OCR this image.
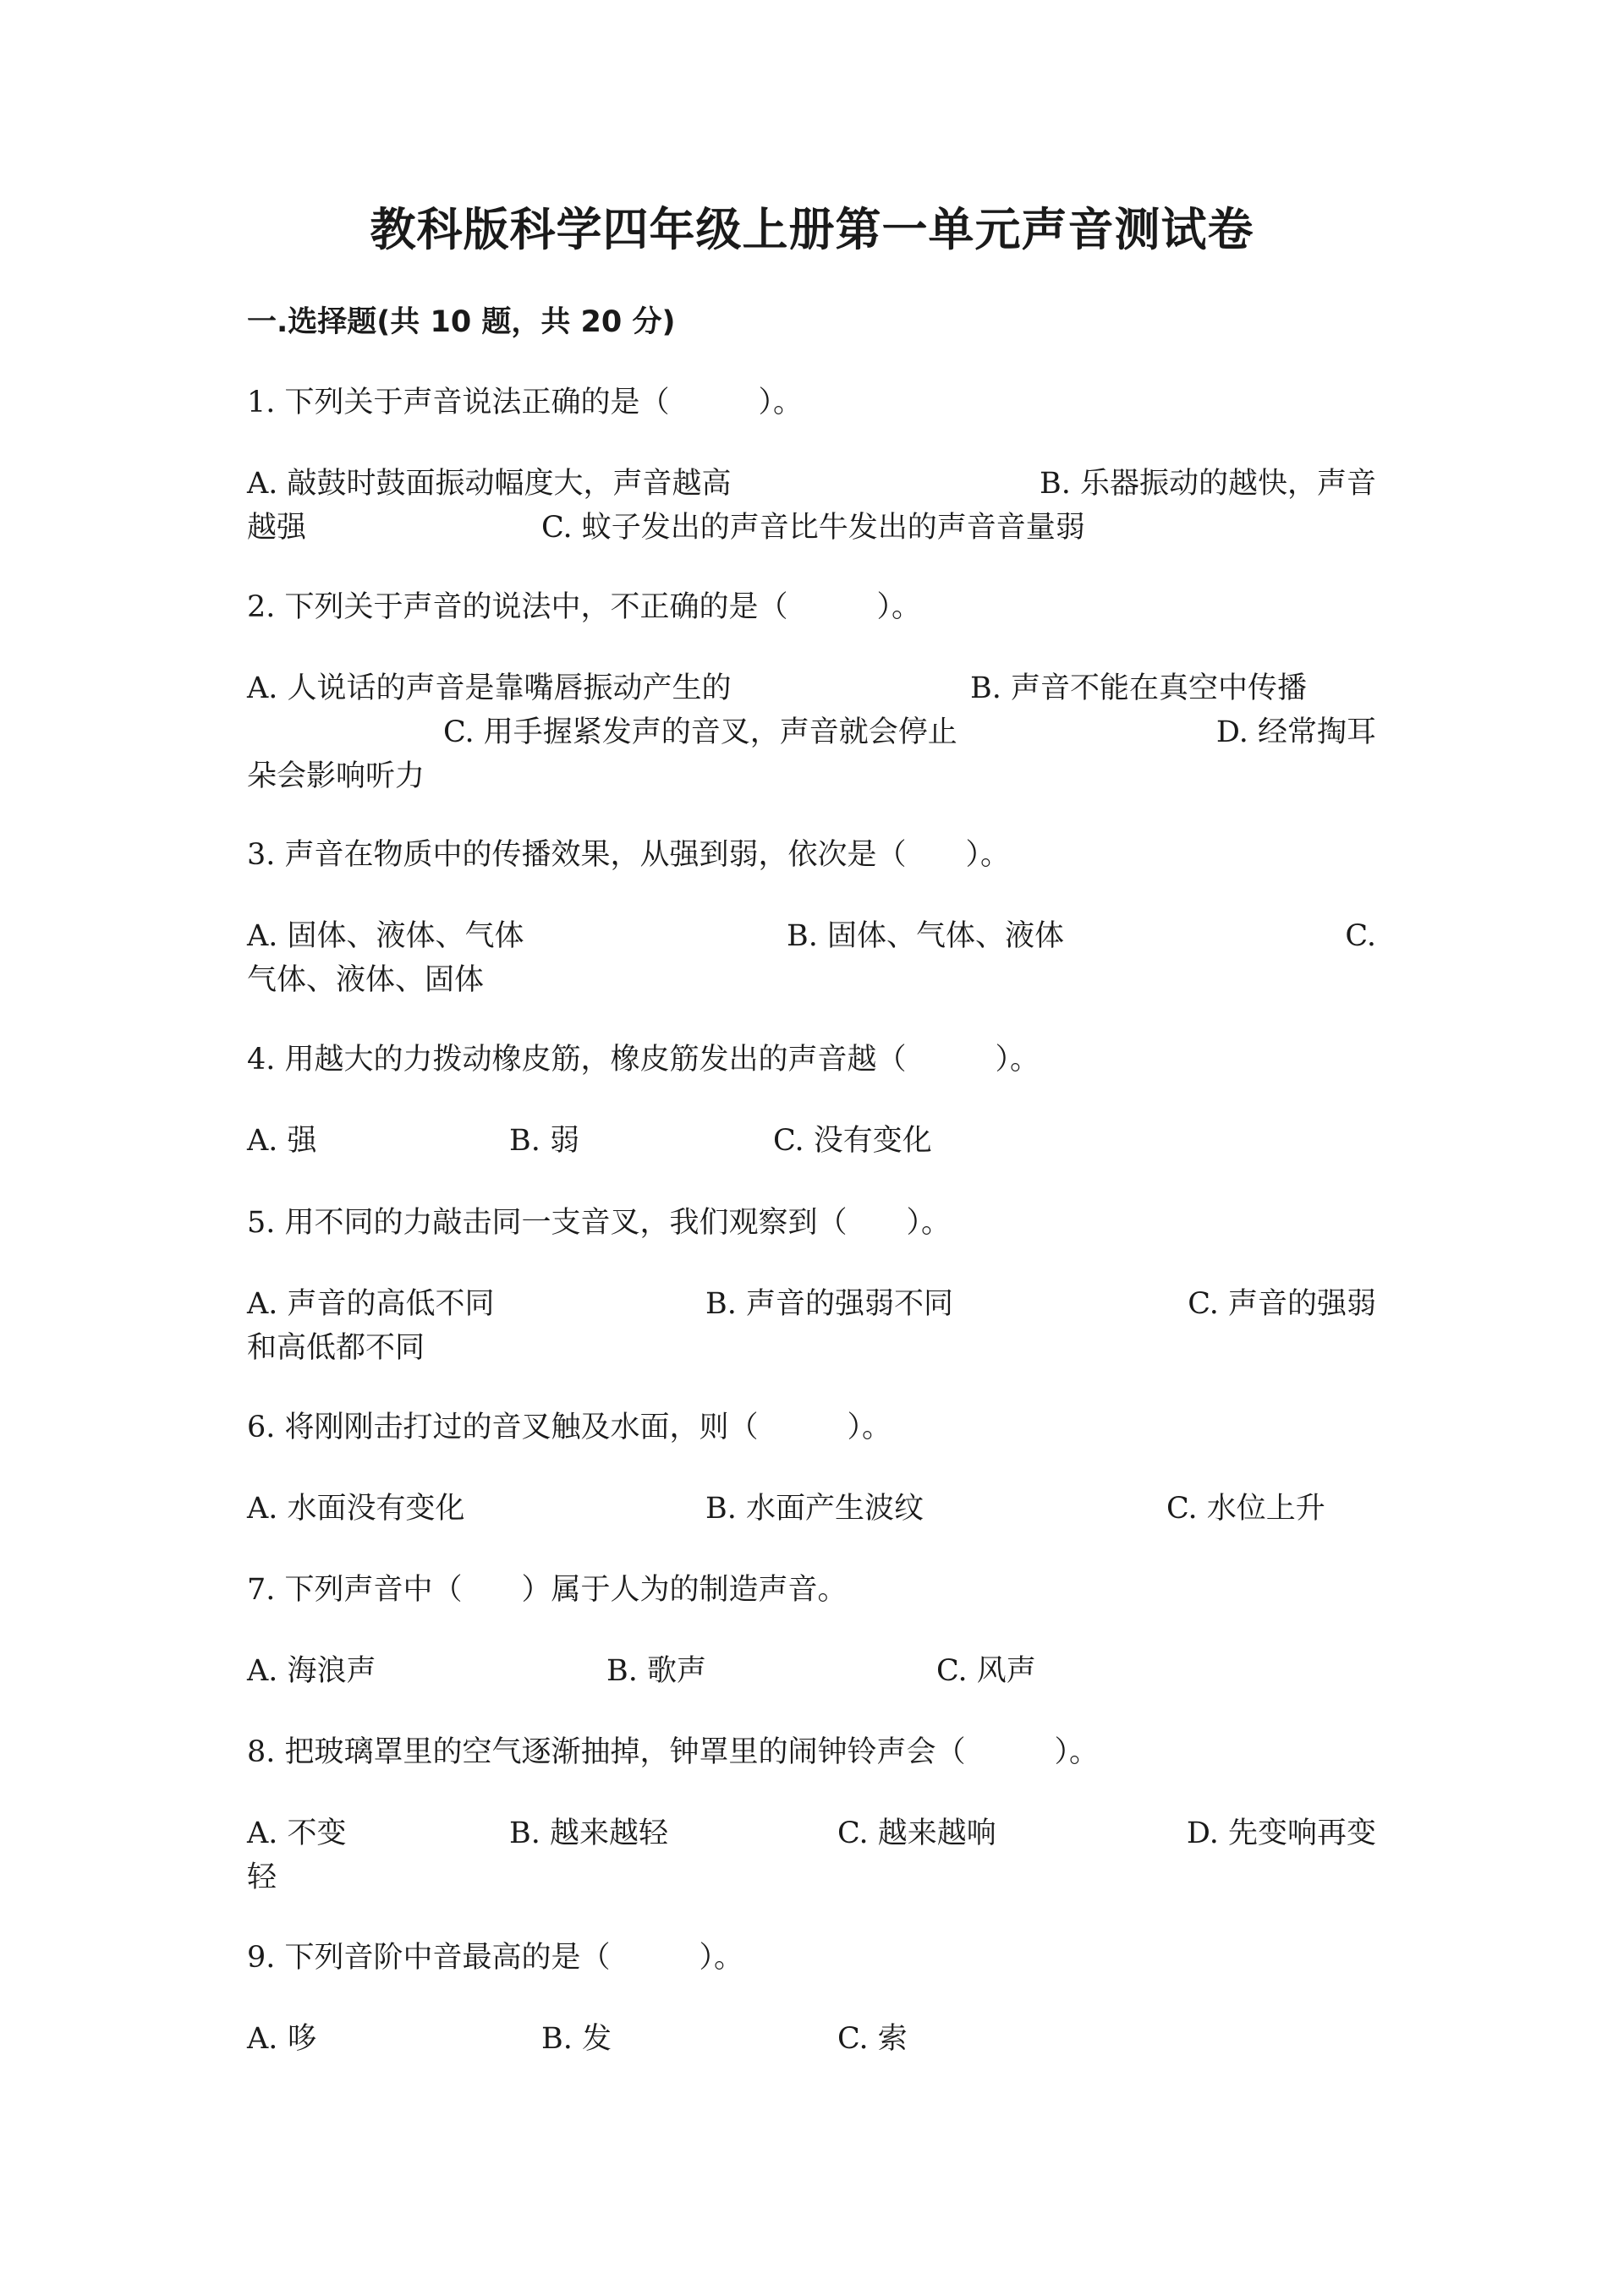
教科版科学四年级上册第一单元声音测试卷
一.选择题(共 10 题，共 20 分)

1. 下列关于声音说法正确的是（　　　）。

A. 敲鼓时鼓面振动幅度大，声音越高	B. 乐器振动的越快，声音
越强	C. 蚊子发出的声音比牛发出的声音音量弱

2. 下列关于声音的说法中，不正确的是（　　　）。

A. 人说话的声音是靠嘴唇振动产生的	B. 声音不能在真空中传播
C. 用手握紧发声的音叉，声音就会停止	D. 经常掏耳
朵会影响听力

3. 声音在物质中的传播效果，从强到弱，依次是（　　）。

A. 固体、液体、气体	B. 固体、气体、液体	C.
气体、液体、固体

4. 用越大的力拨动橡皮筋，橡皮筋发出的声音越（　　　）。

A. 强	B. 弱	C. 没有变化

5. 用不同的力敲击同一支音叉，我们观察到（　　）。

A. 声音的高低不同	B. 声音的强弱不同	C. 声音的强弱
和高低都不同

6. 将刚刚击打过的音叉触及水面，则（　　　）。

A. 水面没有变化	B. 水面产生波纹	C. 水位上升

7. 下列声音中（　　）属于人为的制造声音。

A. 海浪声	B. 歌声	C. 风声

8. 把玻璃罩里的空气逐渐抽掉，钟罩里的闹钟铃声会（　　　）。

A. 不变	B. 越来越轻	C. 越来越响	D. 先变响再变
轻

9. 下列音阶中音最高的是（　　　）。

A. 哆	B. 发	C. 索
